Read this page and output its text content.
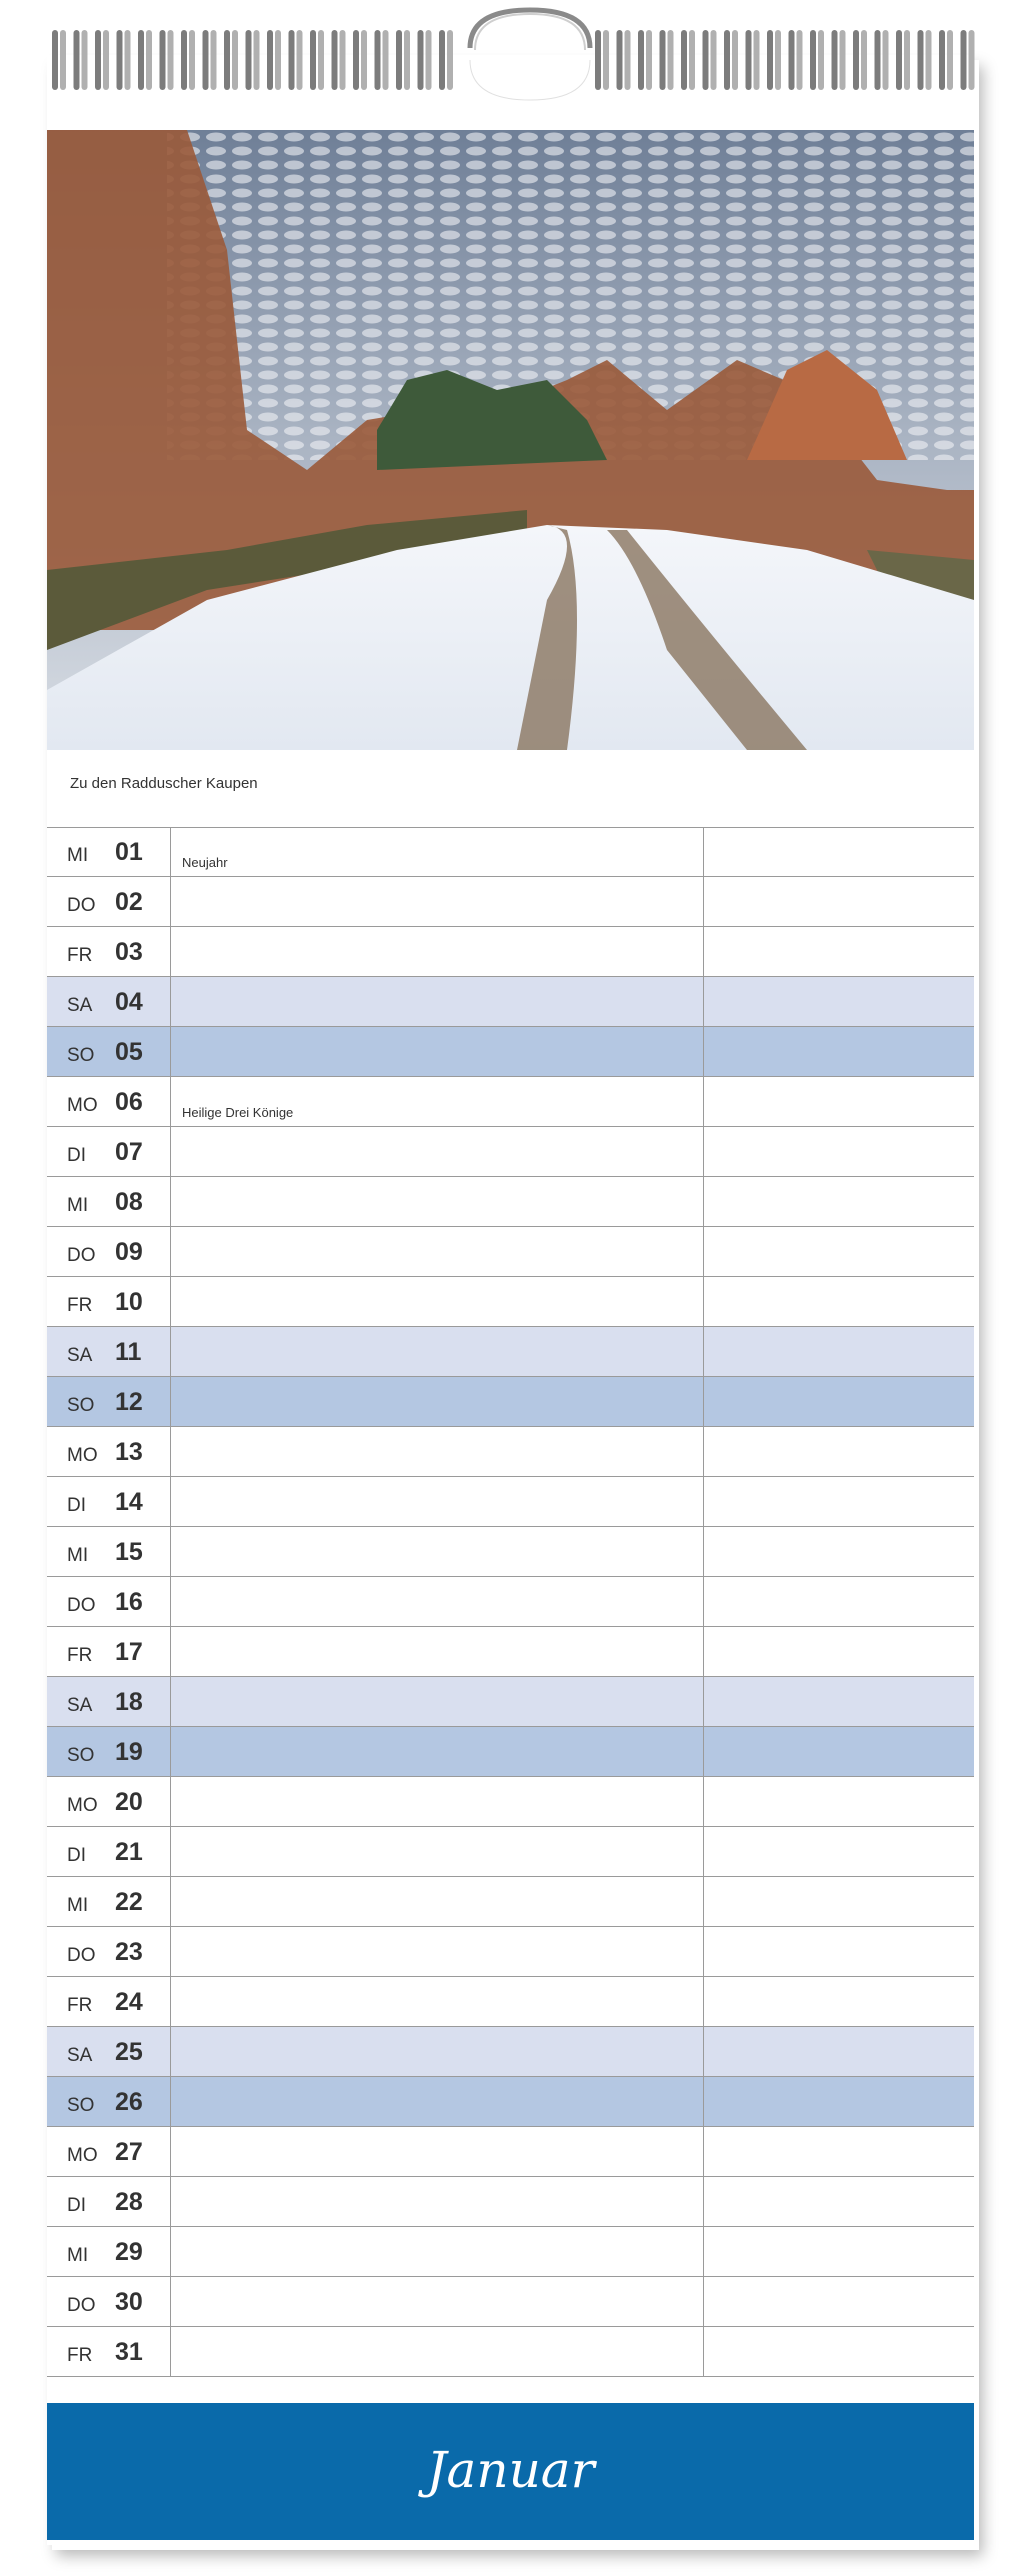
Zu den Radduscher Kaupen
MI 01	Neujahr
DO 02
FR 03
SA 04
SO 05
MO 06	Heilige Drei Könige
DI 07
MI 08
DO 09
FR 10
SA 11
SO 12
MO 13
DI 14
MI 15
DO 16
FR 17
SA 18
SO 19
MO 20
DI 21
MI 22
DO 23
FR 24
SA 25
SO 26
MO 27
DI 28
MI 29
DO 30
FR 31
Januar
